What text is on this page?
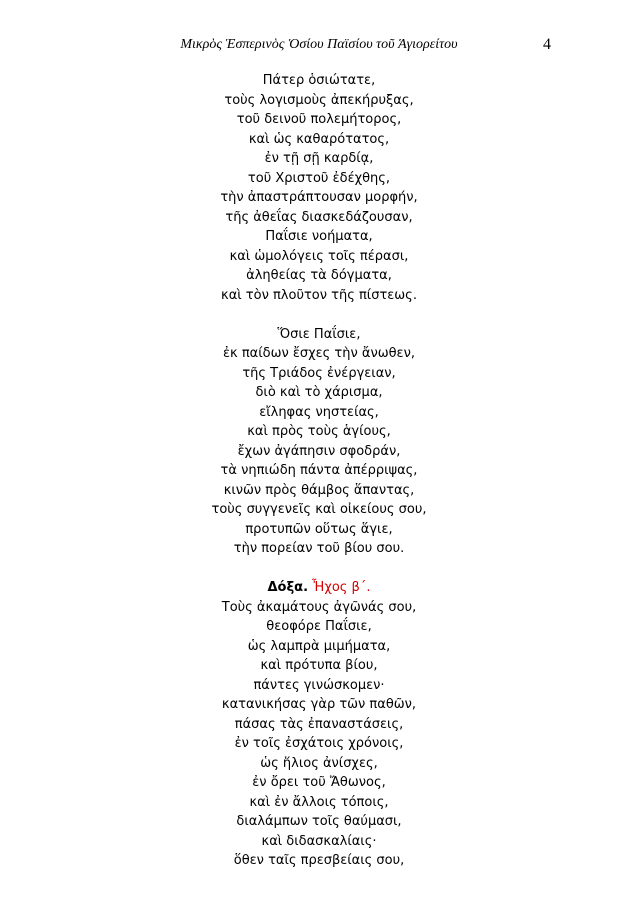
Μικρὸς Ἑσπερινὸς Ὁσίου Παϊσίου τοῦ Ἁγιορείτου	4
Πάτερ ὁσιώτατε,
τοὺς λογισμοὺς ἀπεκήρυξας,
τοῦ δεινοῦ πολεμήτορος,
καὶ ὡς καθαρότατος,
ἐν τῇ σῇ καρδίᾳ,
τοῦ Χριστοῦ ἐδέχθης,
τὴν ἀπαστράπτουσαν μορφήν,
τῆς ἀθεΐας διασκεδάζουσαν,
Παΐσιε νοήματα,
καὶ ὡμολόγεις τοῖς πέρασι,
ἀληθείας τὰ δόγματα,
καὶ τὸν πλοῦτον τῆς πίστεως.
Ὅσιε Παΐσιε,
ἐκ παίδων ἔσχες τὴν ἄνωθεν,
τῆς Τριάδος ἐνέργειαν,
διὸ καὶ τὸ χάρισμα,
εἴληφας νηστείας,
καὶ πρὸς τοὺς ἁγίους,
ἔχων ἀγάπησιν σφοδράν,
τὰ νηπιώδη πάντα ἀπέρριψας,
κινῶν πρὸς θάμβος ἅπαντας,
τοὺς συγγενεῖς καὶ οἰκείους σου,
προτυπῶν οὕτως ἅγιε,
τὴν πορείαν τοῦ βίου σου.
Δόξα. Ἦχος β΄.
Τοὺς ἀκαμάτους ἀγῶνάς σου,
θεοφόρε Παΐσιε,
ὡς λαμπρὰ μιμήματα,
καὶ πρότυπα βίου,
πάντες γινώσκομεν·
κατανικήσας γὰρ τῶν παθῶν,
πάσας τὰς ἐπαναστάσεις,
ἐν τοῖς ἐσχάτοις χρόνοις,
ὡς ἥλιος ἀνίσχες,
ἐν ὄρει τοῦ Ἄθωνος,
καὶ ἐν ἄλλοις τόποις,
διαλάμπων τοῖς θαύμασι,
καὶ διδασκαλίαις·
ὅθεν ταῖς πρεσβείαις σου,
